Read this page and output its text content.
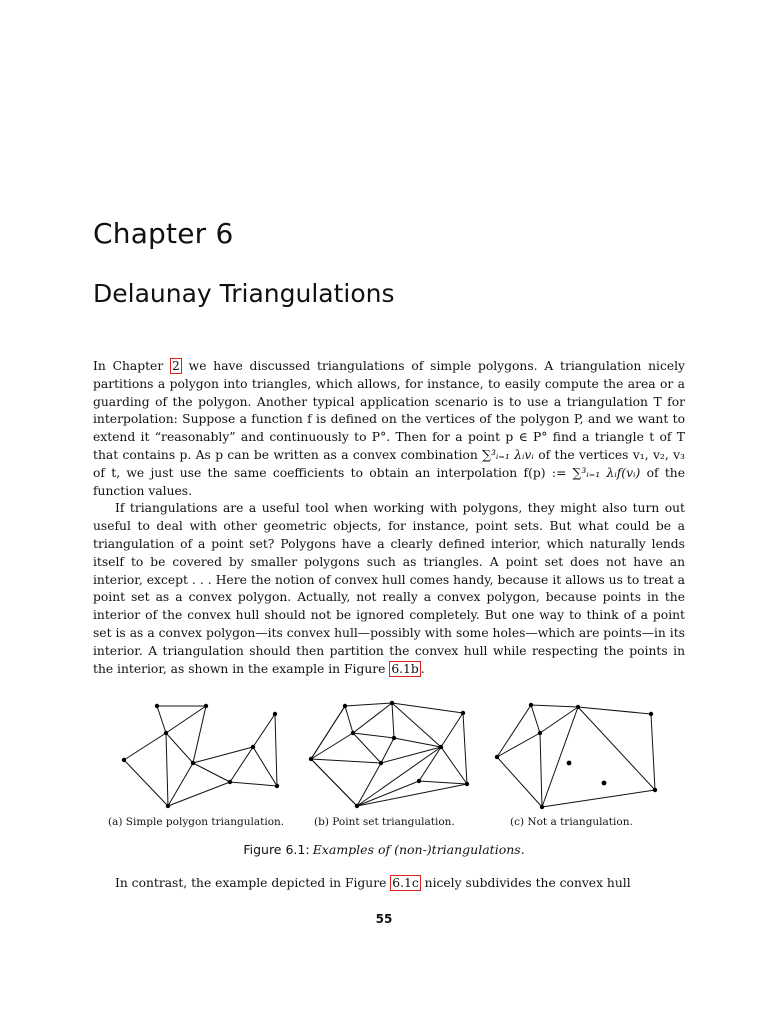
Chapter 6
Delaunay Triangulations

In Chapter 2 we have discussed triangulations of simple polygons. A triangulation nicely partitions a polygon into triangles, which allows, for instance, to easily compute the area or a guarding of the polygon. Another typical application scenario is to use a triangulation T for interpolation: Suppose a function f is defined on the vertices of the polygon P, and we want to extend it “reasonably” and continuously to P°. Then for a point p ∈ P° find a triangle t of T that contains p. As p can be written as a convex combination ∑³ᵢ₌₁ λᵢvᵢ of the vertices v₁, v₂, v₃ of t, we just use the same coefficients to obtain an interpolation f(p) := ∑³ᵢ₌₁ λᵢf(vᵢ) of the function values.

If triangulations are a useful tool when working with polygons, they might also turn out useful to deal with other geometric objects, for instance, point sets. But what could be a triangulation of a point set? Polygons have a clearly defined interior, which naturally lends itself to be covered by smaller polygons such as triangles. A point set does not have an interior, except . . . Here the notion of convex hull comes handy, because it allows us to treat a point set as a convex polygon. Actually, not really a convex polygon, because points in the interior of the convex hull should not be ignored completely. But one way to think of a point set is as a convex polygon—its convex hull—possibly with some holes—which are points—in its interior. A triangulation should then partition the convex hull while respecting the points in the interior, as shown in the example in Figure 6.1b .

(a) Simple polygon triangulation.	(b) Point set triangulation.	(c) Not a triangulation.
Figure 6.1: Examples of (non-)triangulations.

In contrast, the example depicted in Figure 6.1c nicely subdivides the convex hull

55
